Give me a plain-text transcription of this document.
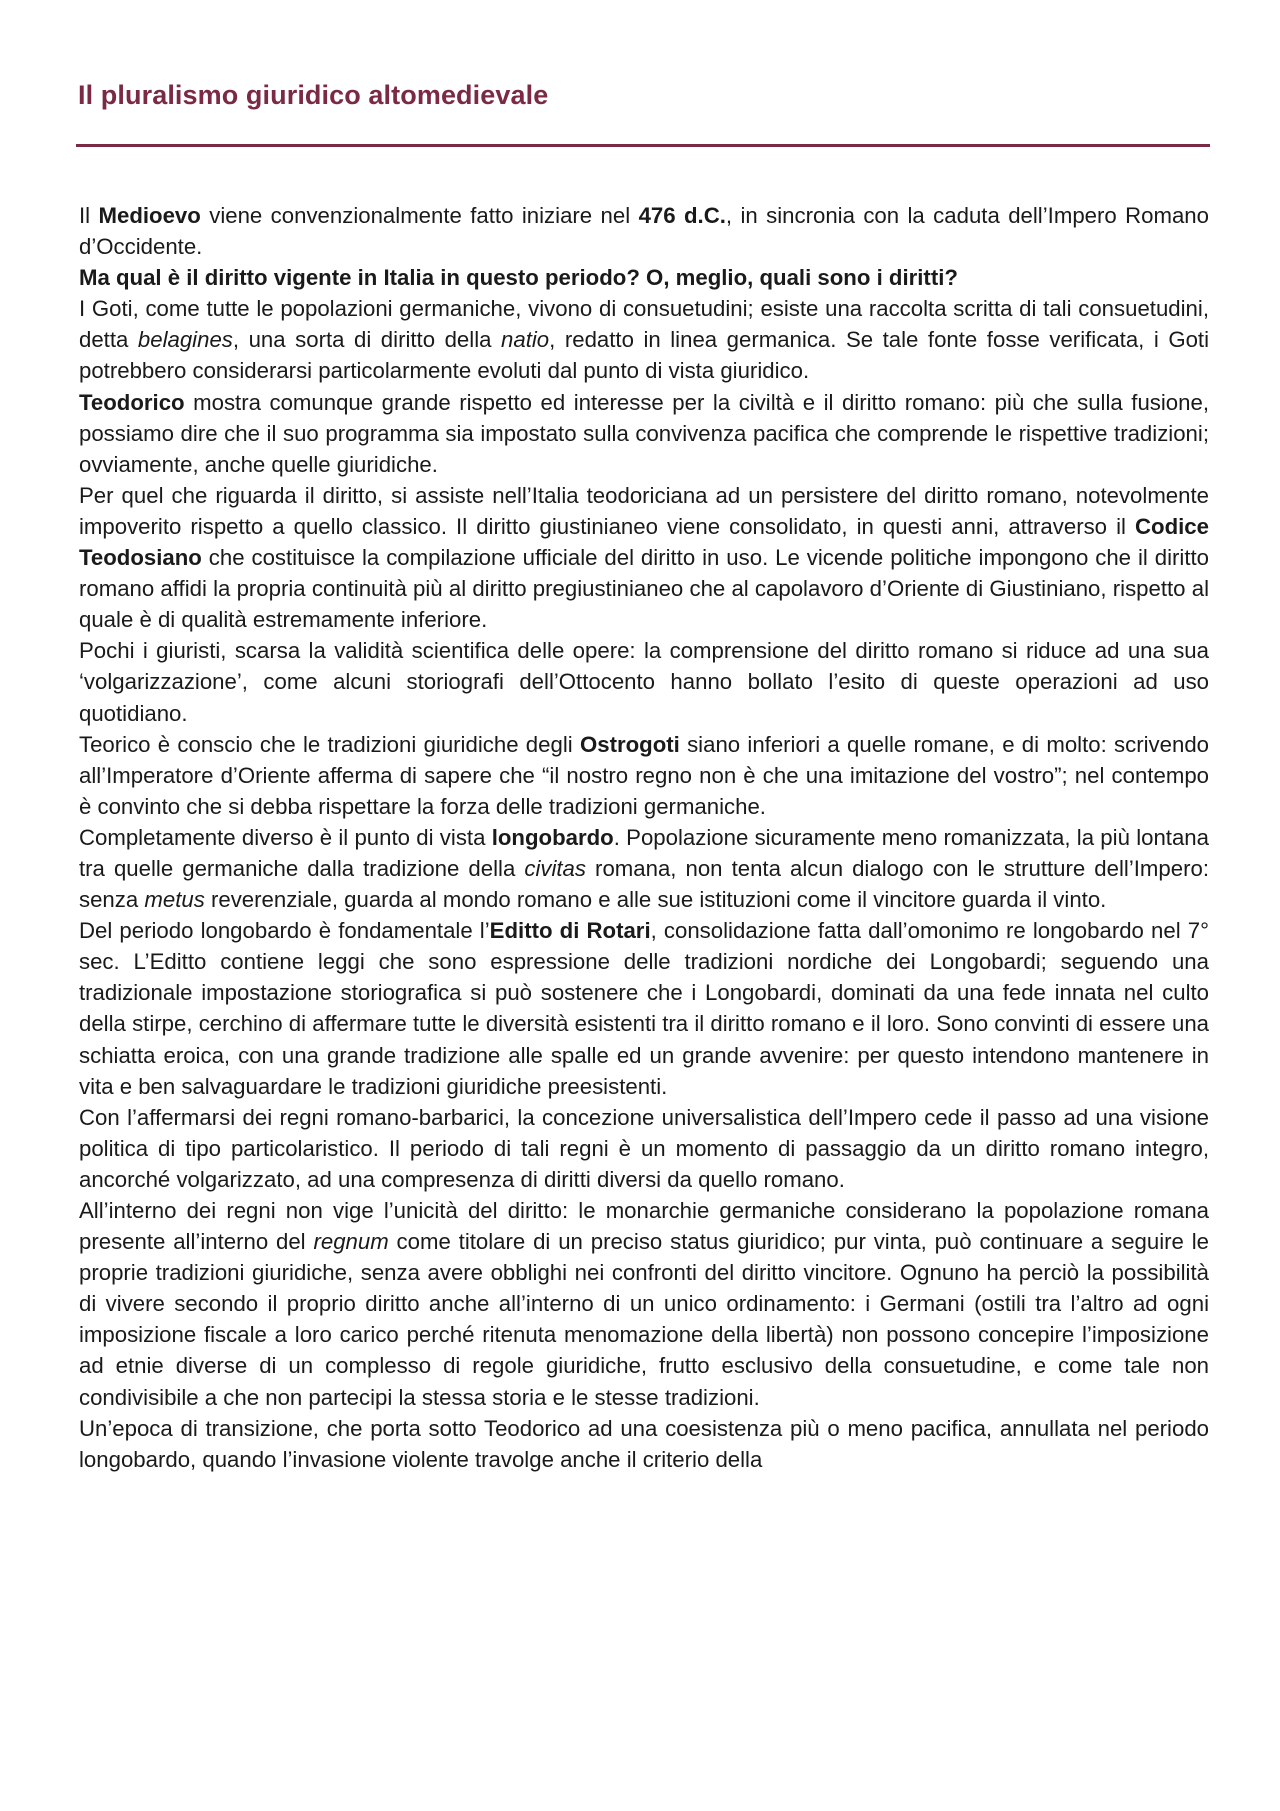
Il pluralismo giuridico altomedievale

Il Medioevo viene convenzionalmente fatto iniziare nel 476 d.C., in sincronia con la caduta dell’Impero Romano d’Occidente.

Ma qual è il diritto vigente in Italia in questo periodo? O, meglio, quali sono i diritti?

I Goti, come tutte le popolazioni germaniche, vivono di consuetudini; esiste una raccolta scritta di tali consuetudini, detta belagines, una sorta di diritto della natio, redatto in linea germanica. Se tale fonte fosse verificata, i Goti potrebbero considerarsi particolarmente evoluti dal punto di vista giuridico.

Teodorico mostra comunque grande rispetto ed interesse per la civiltà e il diritto romano: più che sulla fusione, possiamo dire che il suo programma sia impostato sulla convivenza pacifica che comprende le rispettive tradizioni; ovviamente, anche quelle giuridiche.

Per quel che riguarda il diritto, si assiste nell’Italia teodoriciana ad un persistere del diritto romano, notevolmente impoverito rispetto a quello classico. Il diritto giustinianeo viene consolidato, in questi anni, attraverso il Codice Teodosiano che costituisce la compilazione ufficiale del diritto in uso. Le vicende politiche impongono che il diritto romano affidi la propria continuità più al diritto pregiustinianeo che al capolavoro d’Oriente di Giustiniano, rispetto al quale è di qualità estremamente inferiore.

Pochi i giuristi, scarsa la validità scientifica delle opere: la comprensione del diritto romano si riduce ad una sua ‘volgarizzazione’, come alcuni storiografi dell’Ottocento hanno bollato l’esito di queste operazioni ad uso quotidiano.

Teorico è conscio che le tradizioni giuridiche degli Ostrogoti siano inferiori a quelle romane, e di molto: scrivendo all’Imperatore d’Oriente afferma di sapere che “il nostro regno non è che una imitazione del vostro”; nel contempo è convinto che si debba rispettare la forza delle tradizioni germaniche.

Completamente diverso è il punto di vista longobardo. Popolazione sicuramente meno romanizzata, la più lontana tra quelle germaniche dalla tradizione della civitas romana, non tenta alcun dialogo con le strutture dell’Impero: senza metus reverenziale, guarda al mondo romano e alle sue istituzioni come il vincitore guarda il vinto.

Del periodo longobardo è fondamentale l’Editto di Rotari, consolidazione fatta dall’omonimo re longobardo nel 7° sec. L’Editto contiene leggi che sono espressione delle tradizioni nordiche dei Longobardi; seguendo una tradizionale impostazione storiografica si può sostenere che i Longobardi, dominati da una fede innata nel culto della stirpe, cerchino di affermare tutte le diversità esistenti tra il diritto romano e il loro. Sono convinti di essere una schiatta eroica, con una grande tradizione alle spalle ed un grande avvenire: per questo intendono mantenere in vita e ben salvaguardare le tradizioni giuridiche preesistenti.

Con l’affermarsi dei regni romano-barbarici, la concezione universalistica dell’Impero cede il passo ad una visione politica di tipo particolaristico. Il periodo di tali regni è un momento di passaggio da un diritto romano integro, ancorché volgarizzato, ad una compresenza di diritti diversi da quello romano.

All’interno dei regni non vige l’unicità del diritto: le monarchie germaniche considerano la popolazione romana presente all’interno del regnum come titolare di un preciso status giuridico; pur vinta, può continuare a seguire le proprie tradizioni giuridiche, senza avere obblighi nei confronti del diritto vincitore. Ognuno ha perciò la possibilità di vivere secondo il proprio diritto anche all’interno di un unico ordinamento: i Germani (ostili tra l’altro ad ogni imposizione fiscale a loro carico perché ritenuta menomazione della libertà) non possono concepire l’imposizione ad etnie diverse di un complesso di regole giuridiche, frutto esclusivo della consuetudine, e come tale non condivisibile a che non partecipi la stessa storia e le stesse tradizioni.

Un’epoca di transizione, che porta sotto Teodorico ad una coesistenza più o meno pacifica, annullata nel periodo longobardo, quando l’invasione violente travolge anche il criterio della
